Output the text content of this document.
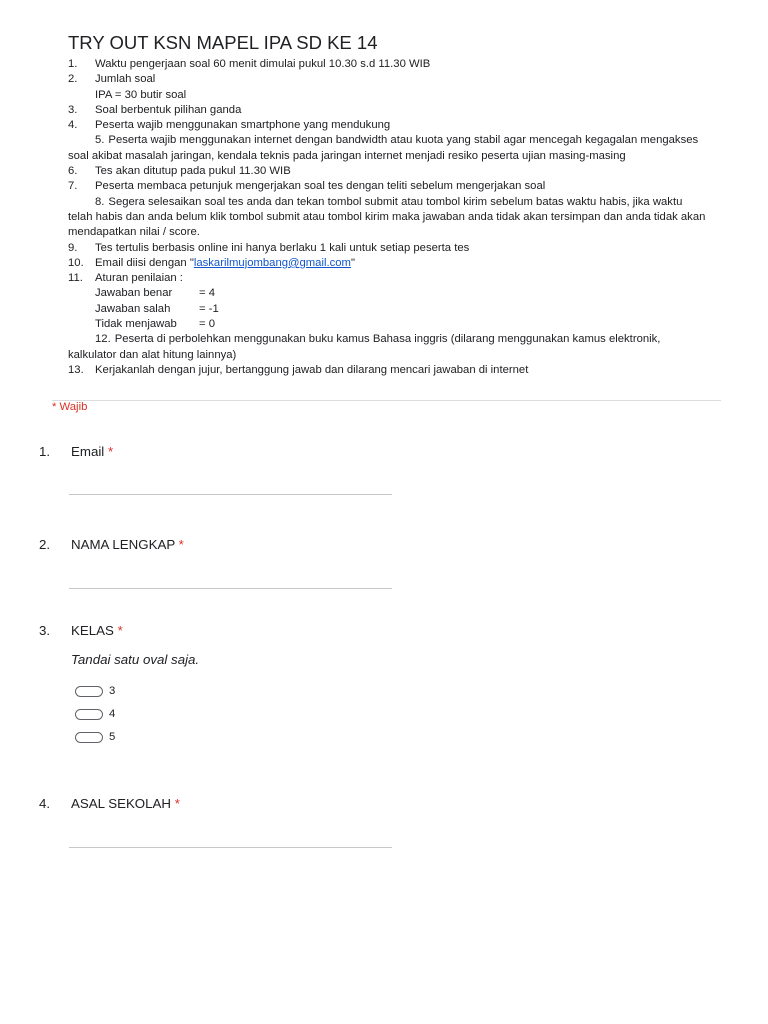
TRY OUT KSN MAPEL IPA SD KE 14
1. Waktu pengerjaan soal 60 menit dimulai pukul 10.30 s.d 11.30 WIB
2. Jumlah soal
IPA = 30 butir soal
3. Soal berbentuk pilihan ganda
4. Peserta wajib menggunakan smartphone yang mendukung
5. Peserta wajib menggunakan internet dengan bandwidth atau kuota yang stabil agar mencegah kegagalan mengakses soal akibat masalah jaringan, kendala teknis pada jaringan internet menjadi resiko peserta ujian masing-masing
6. Tes akan ditutup pada pukul 11.30 WIB
7. Peserta membaca petunjuk mengerjakan soal tes dengan teliti sebelum mengerjakan soal
8. Segera selesaikan soal tes anda dan tekan tombol submit atau tombol kirim sebelum batas waktu habis, jika waktu telah habis dan anda belum klik tombol submit atau tombol kirim maka jawaban anda tidak akan tersimpan dan anda tidak akan mendapatkan nilai / score.
9. Tes tertulis berbasis online ini hanya berlaku 1 kali untuk setiap peserta tes
10. Email diisi dengan "laskarilmujombang@gmail.com"
11. Aturan penilaian :
Jawaban benar	= 4
Jawaban salah	= -1
Tidak menjawab	= 0
12. Peserta di perbolehkan menggunakan buku kamus Bahasa inggris (dilarang menggunakan kamus elektronik, kalkulator dan alat hitung lainnya)
13. Kerjakanlah dengan jujur, bertanggung jawab dan dilarang mencari jawaban di internet
* Wajib
1. Email *
2. NAMA LENGKAP *
3. KELAS *
Tandai satu oval saja.
3
4
5
4. ASAL SEKOLAH *
